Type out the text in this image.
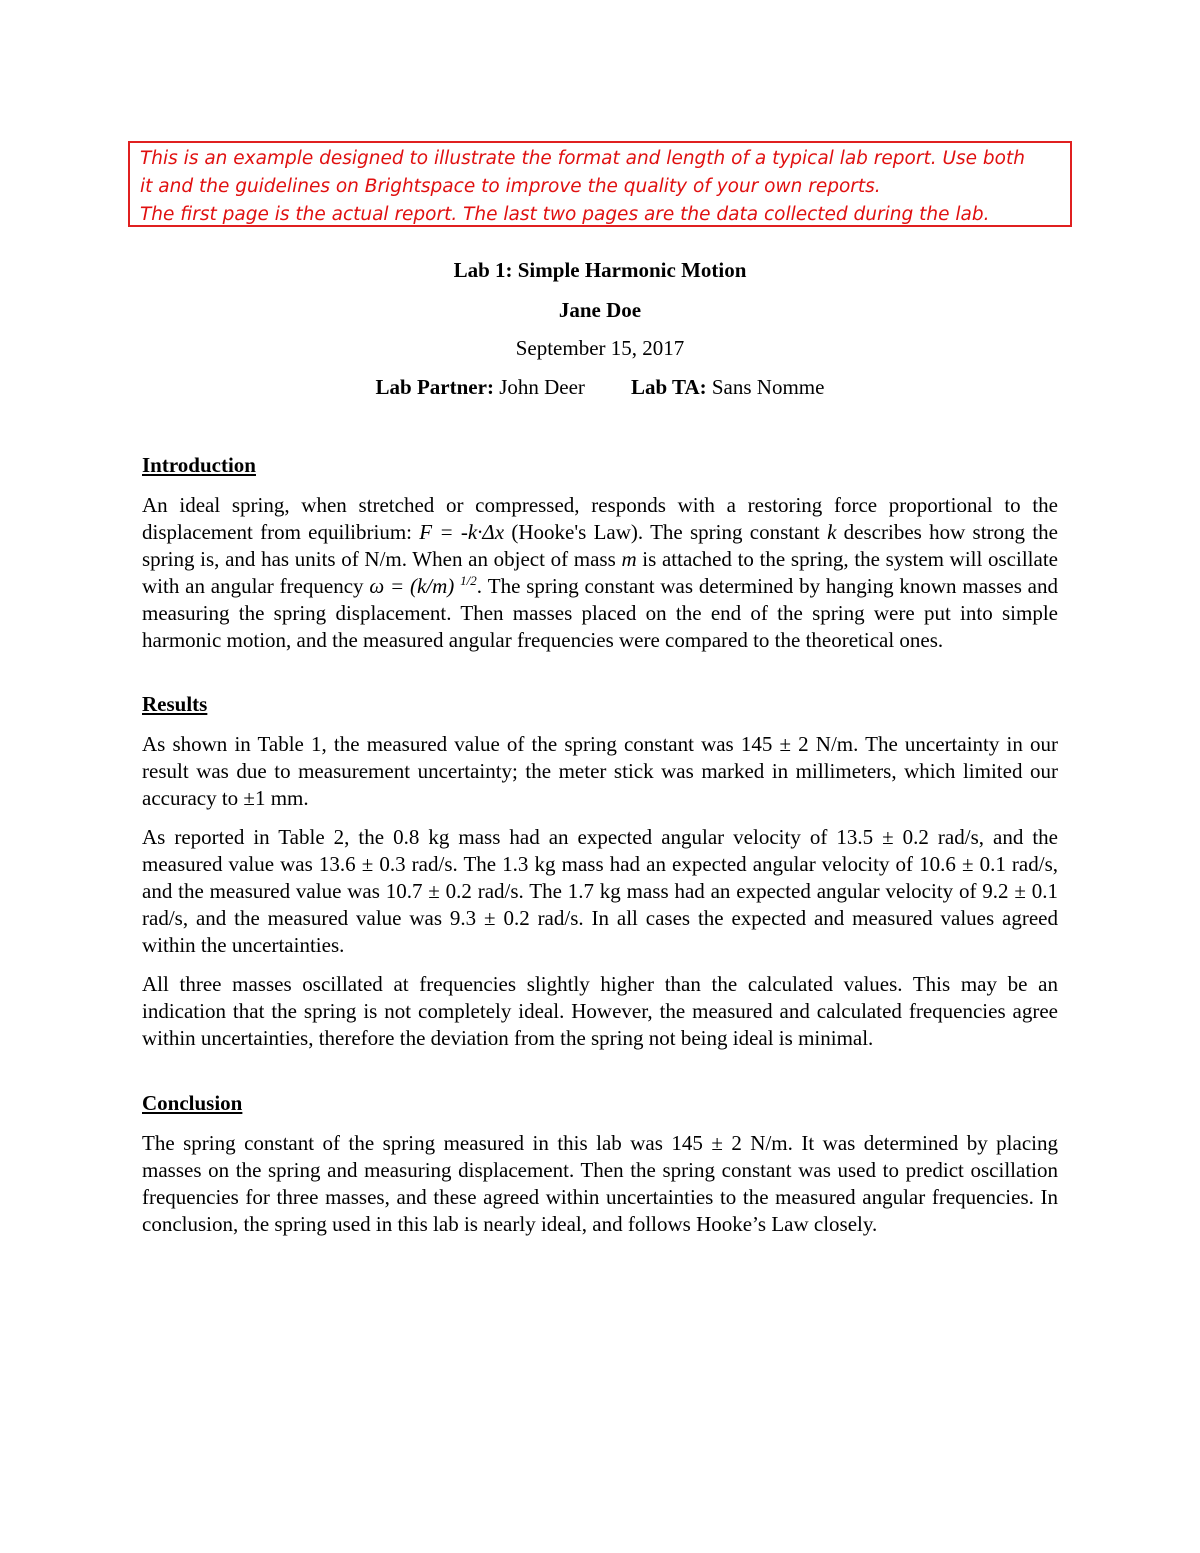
This is an example designed to illustrate the format and length of a typical lab report. Use both
it and the guidelines on Brightspace to improve the quality of your own reports.
The first page is the actual report. The last two pages are the data collected during the lab.
Lab 1: Simple Harmonic Motion
Jane Doe
September 15, 2017
Lab Partner: John Deer Lab TA: Sans Nomme
Introduction

An ideal spring, when stretched or compressed, responds with a restoring force proportional to the displacement from equilibrium: F = -k·Δx (Hooke's Law). The spring constant k describes how strong the spring is, and has units of N/m. When an object of mass m is attached to the spring, the system will oscillate with an angular frequency ω = (k/m) $^{1/2}$. The spring constant was determined by hanging known masses and measuring the spring displacement. Then masses placed on the end of the spring were put into simple harmonic motion, and the measured angular frequencies were compared to the theoretical ones.

Results

As shown in Table 1, the measured value of the spring constant was 145 ± 2 N/m. The uncertainty in our result was due to measurement uncertainty; the meter stick was marked in millimeters, which limited our accuracy to ±1 mm.

As reported in Table 2, the 0.8 kg mass had an expected angular velocity of 13.5 ± 0.2 rad/s, and the measured value was 13.6 ± 0.3 rad/s. The 1.3 kg mass had an expected angular velocity of 10.6 ± 0.1 rad/s, and the measured value was 10.7 ± 0.2 rad/s. The 1.7 kg mass had an expected angular velocity of 9.2 ± 0.1 rad/s, and the measured value was 9.3 ± 0.2 rad/s. In all cases the expected and measured values agreed within the uncertainties.

All three masses oscillated at frequencies slightly higher than the calculated values. This may be an indication that the spring is not completely ideal. However, the measured and calculated frequencies agree within uncertainties, therefore the deviation from the spring not being ideal is minimal.

Conclusion

The spring constant of the spring measured in this lab was 145 ± 2 N/m. It was determined by placing masses on the spring and measuring displacement. Then the spring constant was used to predict oscillation frequencies for three masses, and these agreed within uncertainties to the measured angular frequencies. In conclusion, the spring used in this lab is nearly ideal, and follows Hooke’s Law closely.
